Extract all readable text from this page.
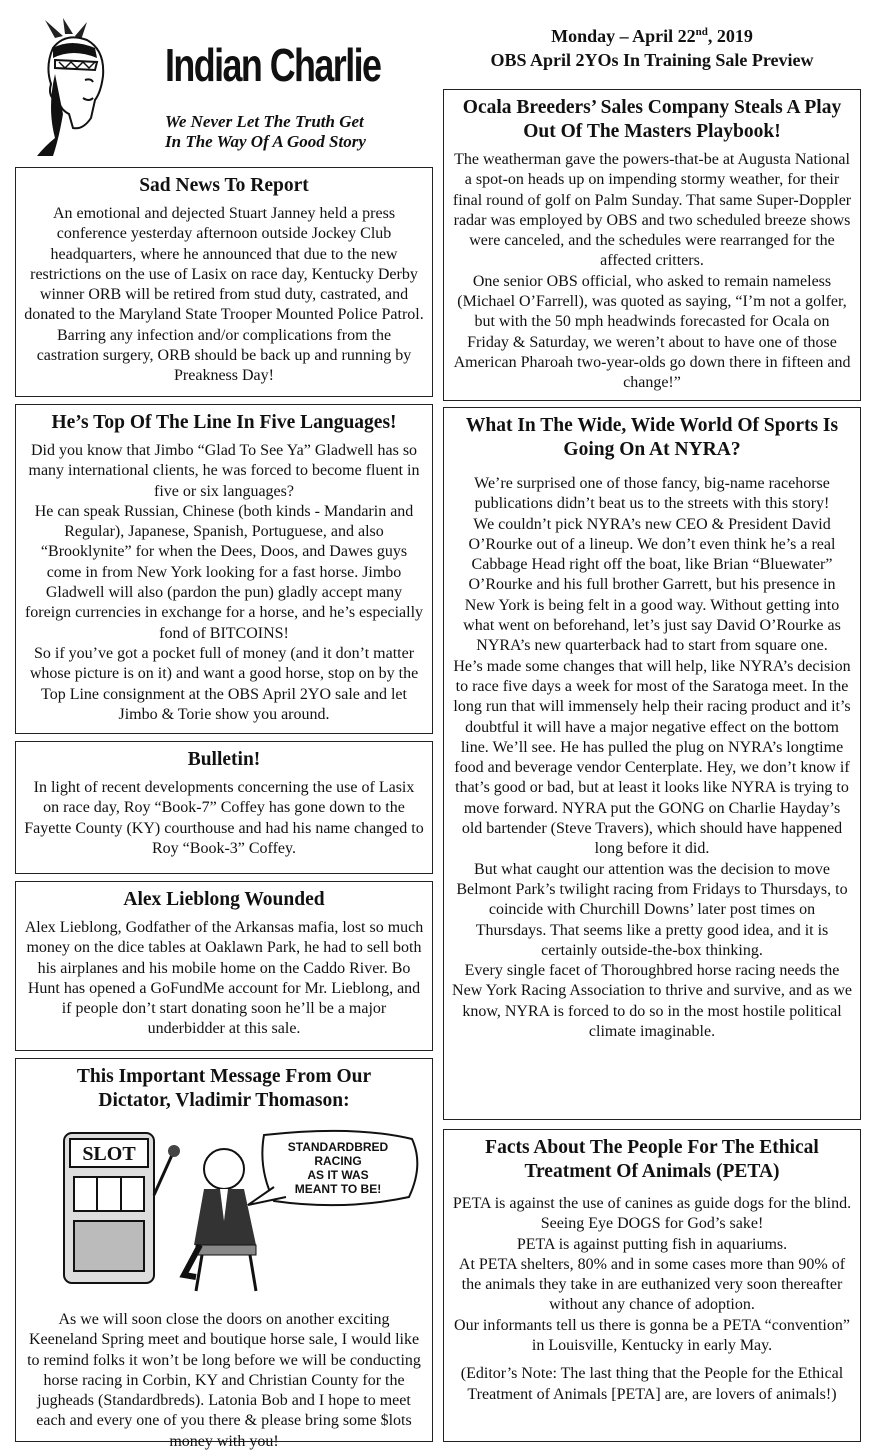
Indian Charlie
We Never Let The Truth Get
In The Way Of A Good Story
Monday – April 22nd, 2019
OBS April 2YOs In Training Sale Preview
Sad News To Report

An emotional and dejected Stuart Janney held a press conference yesterday afternoon outside Jockey Club headquarters, where he announced that due to the new restrictions on the use of Lasix on race day, Kentucky Derby winner ORB will be retired from stud duty, castrated, and donated to the Maryland State Trooper Mounted Police Patrol. Barring any infection and/or complications from the castration surgery, ORB should be back up and running by Preakness Day!

He’s Top Of The Line In Five Languages!

Did you know that Jimbo “Glad To See Ya” Gladwell has so many international clients, he was forced to become fluent in five or six languages?

He can speak Russian, Chinese (both kinds - Mandarin and Regular), Japanese, Spanish, Portuguese, and also “Brooklynite” for when the Dees, Doos, and Dawes guys come in from New York looking for a fast horse. Jimbo Gladwell will also (pardon the pun) gladly accept many foreign currencies in exchange for a horse, and he’s especially fond of BITCOINS!

So if you’ve got a pocket full of money (and it don’t matter whose picture is on it) and want a good horse, stop on by the Top Line consignment at the OBS April 2YO sale and let Jimbo & Torie show you around.

Bulletin!

In light of recent developments concerning the use of Lasix on race day, Roy “Book-7” Coffey has gone down to the Fayette County (KY) courthouse and had his name changed to Roy “Book-3” Coffey.

Alex Lieblong Wounded

Alex Lieblong, Godfather of the Arkansas mafia, lost so much money on the dice tables at Oaklawn Park, he had to sell both his airplanes and his mobile home on the Caddo River. Bo Hunt has opened a GoFundMe account for Mr. Lieblong, and if people don’t start donating soon he’ll be a major underbidder at this sale.

This Important Message From Our
Dictator, Vladimir Thomason:
SLOT	STANDARDBRED
RACING
AS IT WAS
MEANT TO BE!

As we will soon close the doors on another exciting Keeneland Spring meet and boutique horse sale, I would like to remind folks it won’t be long before we will be conducting horse racing in Corbin, KY and Christian County for the jugheads (Standardbreds). Latonia Bob and I hope to meet each and every one of you there & please bring some $lots money with you!

Ocala Breeders’ Sales Company Steals A Play Out Of The Masters Playbook!

The weatherman gave the powers-that-be at Augusta National a spot-on heads up on impending stormy weather, for their final round of golf on Palm Sunday. That same Super-Doppler radar was employed by OBS and two scheduled breeze shows were canceled, and the schedules were rearranged for the affected critters.

One senior OBS official, who asked to remain nameless (Michael O’Farrell), was quoted as saying, “I’m not a golfer, but with the 50 mph headwinds forecasted for Ocala on Friday & Saturday, we weren’t about to have one of those American Pharoah two-year-olds go down there in fifteen and change!”

What In The Wide, Wide World Of Sports Is Going On At NYRA?

We’re surprised one of those fancy, big-name racehorse publications didn’t beat us to the streets with this story!

We couldn’t pick NYRA’s new CEO & President David O’Rourke out of a lineup. We don’t even think he’s a real Cabbage Head right off the boat, like Brian “Bluewater” O’Rourke and his full brother Garrett, but his presence in New York is being felt in a good way. Without getting into what went on beforehand, let’s just say David O’Rourke as NYRA’s new quarterback had to start from square one.

He’s made some changes that will help, like NYRA’s decision to race five days a week for most of the Saratoga meet. In the long run that will immensely help their racing product and it’s doubtful it will have a major negative effect on the bottom line. We’ll see. He has pulled the plug on NYRA’s longtime food and beverage vendor Centerplate. Hey, we don’t know if that’s good or bad, but at least it looks like NYRA is trying to move forward. NYRA put the GONG on Charlie Hayday’s old bartender (Steve Travers), which should have happened long before it did.

But what caught our attention was the decision to move Belmont Park’s twilight racing from Fridays to Thursdays, to coincide with Churchill Downs’ later post times on Thursdays. That seems like a pretty good idea, and it is certainly outside-the-box thinking.

Every single facet of Thoroughbred horse racing needs the New York Racing Association to thrive and survive, and as we know, NYRA is forced to do so in the most hostile political climate imaginable.

Facts About The People For The Ethical Treatment Of Animals (PETA)

PETA is against the use of canines as guide dogs for the blind. Seeing Eye DOGS for God’s sake!

PETA is against putting fish in aquariums.

At PETA shelters, 80% and in some cases more than 90% of the animals they take in are euthanized very soon thereafter without any chance of adoption.

Our informants tell us there is gonna be a PETA “convention” in Louisville, Kentucky in early May.

(Editor’s Note: The last thing that the People for the Ethical Treatment of Animals [PETA] are, are lovers of animals!)
